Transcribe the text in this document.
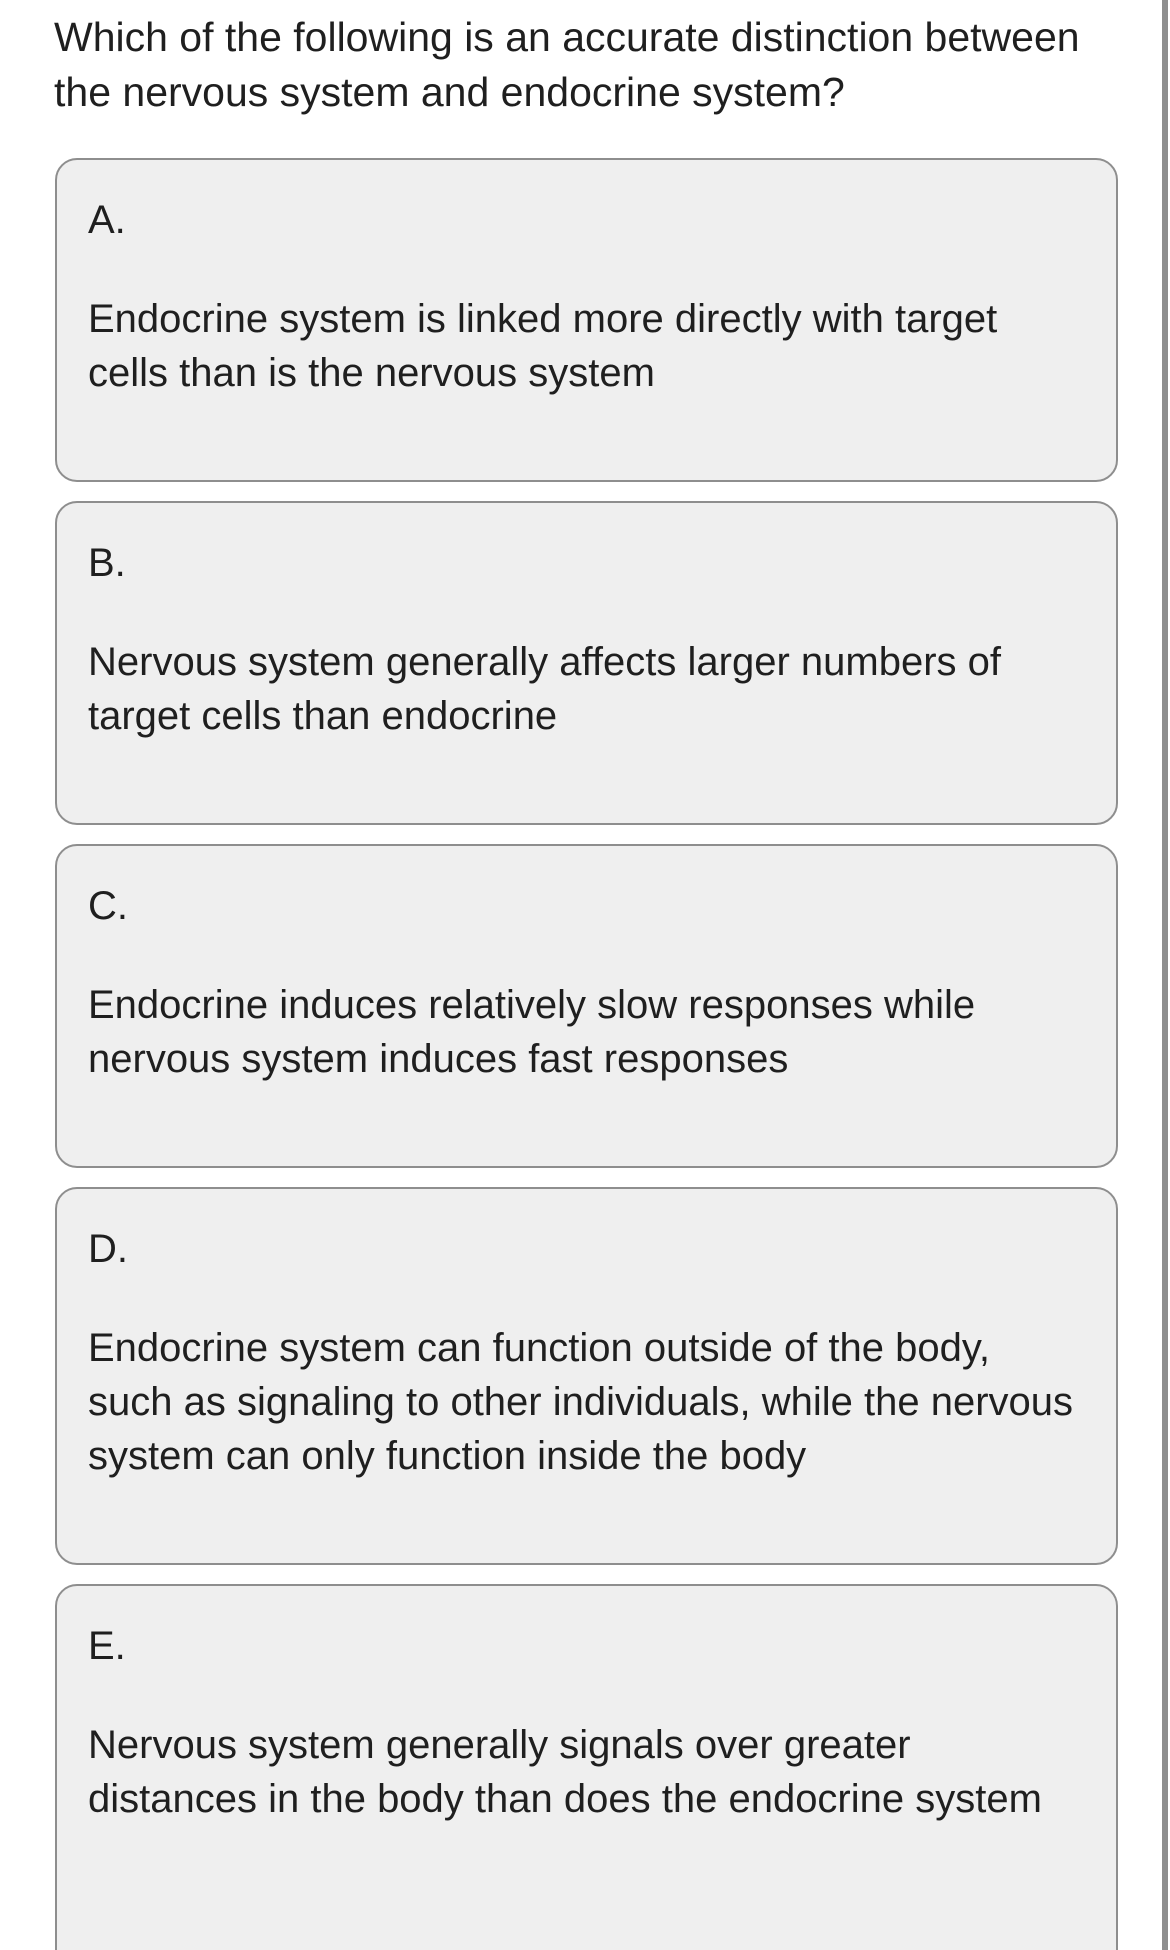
Which of the following is an accurate distinction between the nervous system and endocrine system?
A.
Endocrine system is linked more directly with target cells than is the nervous system
B.
Nervous system generally affects larger numbers of target cells than endocrine
C.
Endocrine induces relatively slow responses while nervous system induces fast responses
D.
Endocrine system can function outside of the body, such as signaling to other individuals, while the nervous system can only function inside the body
E.
Nervous system generally signals over greater distances in the body than does the endocrine system
